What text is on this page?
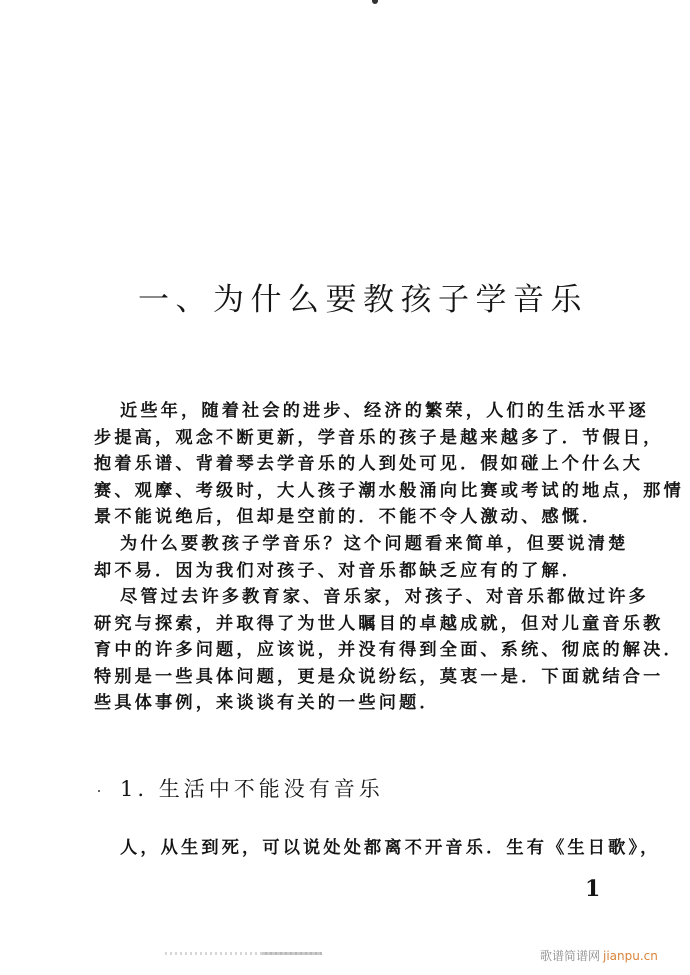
一、为什么要教孩子学音乐
近些年，随着社会的进步、经济的繁荣，人们的生活水平逐
步提高，观念不断更新，学音乐的孩子是越来越多了．节假日，
抱着乐谱、背着琴去学音乐的人到处可见．假如碰上个什么大
赛、观摩、考级时，大人孩子潮水般涌向比赛或考试的地点，那情
景不能说绝后，但却是空前的．不能不令人激动、感慨．
为什么要教孩子学音乐？这个问题看来简单，但要说清楚
却不易．因为我们对孩子、对音乐都缺乏应有的了解．
尽管过去许多教育家、音乐家，对孩子、对音乐都做过许多
研究与探索，并取得了为世人瞩目的卓越成就，但对儿童音乐教
育中的许多问题，应该说，并没有得到全面、系统、彻底的解决．
特别是一些具体问题，更是众说纷纭，莫衷一是．下面就结合一
些具体事例，来谈谈有关的一些问题．
1. 生活中不能没有音乐
人，从生到死，可以说处处都离不开音乐．生有《生日歌》，
1
歌谱简谱网 jianpu.cn
